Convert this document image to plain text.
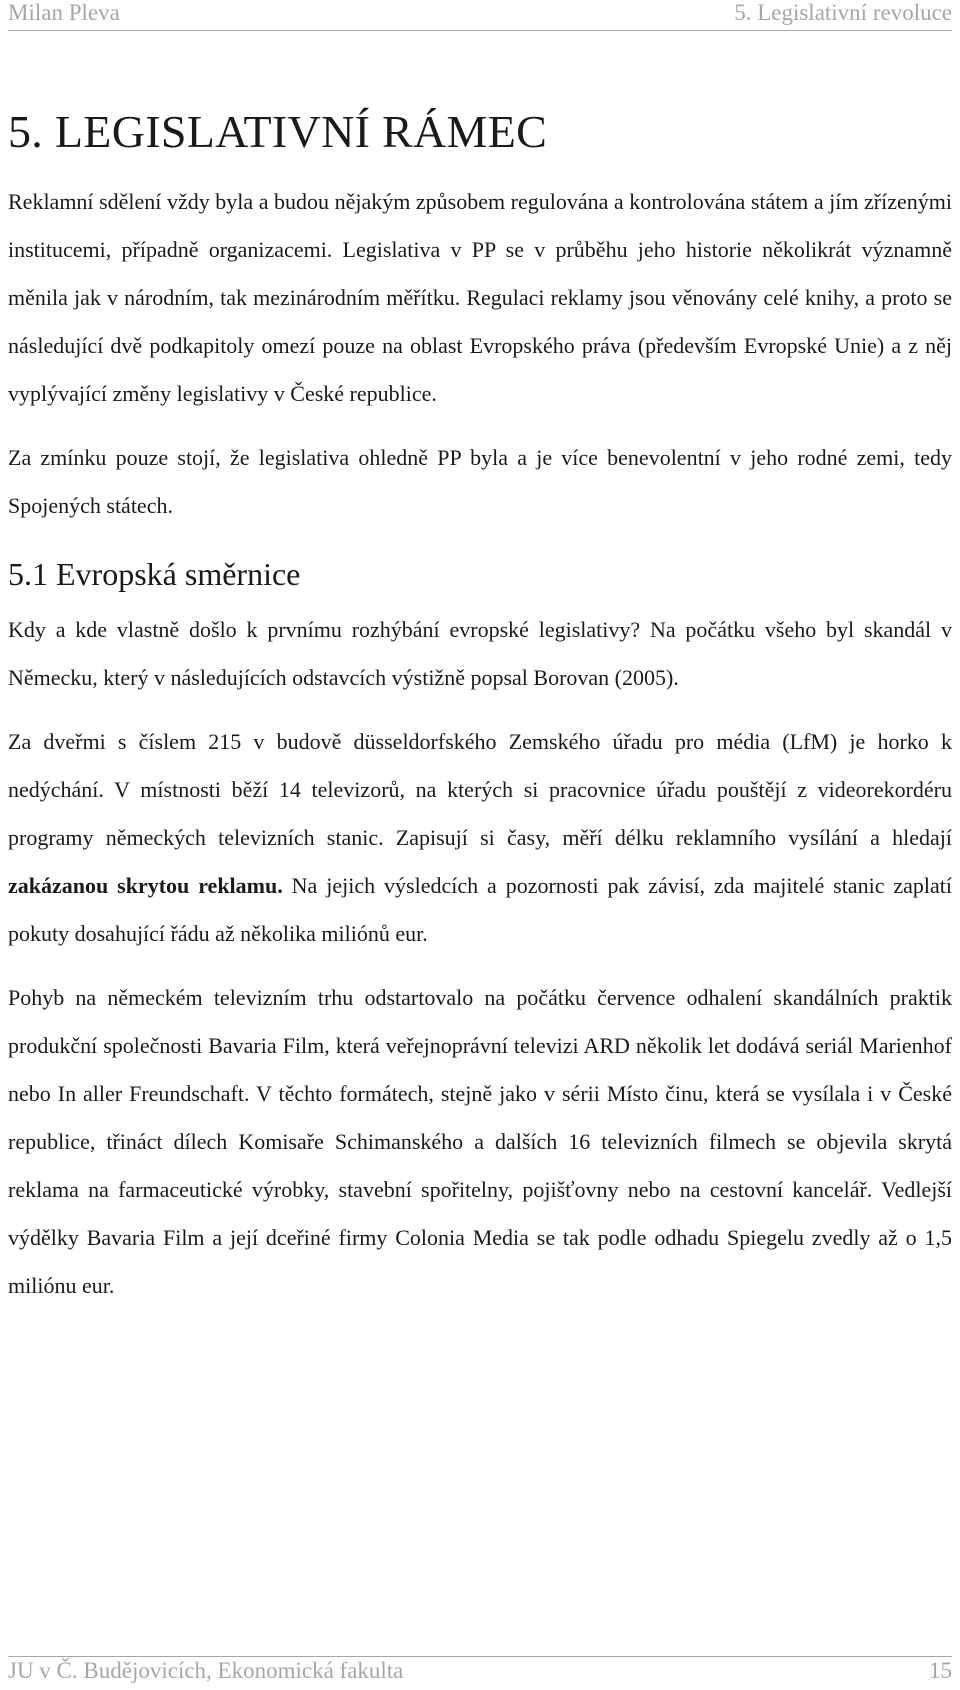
Milan Pleva	5. Legislativní revoluce
5. LEGISLATIVNÍ RÁMEC

Reklamní sdělení vždy byla a budou nějakým způsobem regulována a kontrolována státem a jím zřízenými institucemi, případně organizacemi. Legislativa v PP se v průběhu jeho historie několikrát významně měnila jak v národním, tak mezinárodním měřítku. Regulaci reklamy jsou věnovány celé knihy, a proto se následující dvě podkapitoly omezí pouze na oblast Evropského práva (především Evropské Unie) a z něj vyplývající změny legislativy v České republice.

Za zmínku pouze stojí, že legislativa ohledně PP byla a je více benevolentní v jeho rodné zemi, tedy Spojených státech.

5.1 Evropská směrnice

Kdy a kde vlastně došlo k prvnímu rozhýbání evropské legislativy? Na počátku všeho byl skandál v Německu, který v následujících odstavcích výstižně popsal Borovan (2005).

Za dveřmi s číslem 215 v budově düsseldorfského Zemského úřadu pro média (LfM) je horko k nedýchání. V místnosti běží 14 televizorů, na kterých si pracovnice úřadu pouštějí z videorekordéru programy německých televizních stanic. Zapisují si časy, měří délku reklamního vysílání a hledají zakázanou skrytou reklamu. Na jejich výsledcích a pozornosti pak závisí, zda majitelé stanic zaplatí pokuty dosahující řádu až několika miliónů eur.

Pohyb na německém televizním trhu odstartovalo na počátku července odhalení skandálních praktik produkční společnosti Bavaria Film, která veřejnoprávní televizi ARD několik let dodává seriál Marienhof nebo In aller Freundschaft. V těchto formátech, stejně jako v sérii Místo činu, která se vysílala i v České republice, třináct dílech Komisaře Schimanského a dalších 16 televizních filmech se objevila skrytá reklama na farmaceutické výrobky, stavební spořitelny, pojišťovny nebo na cestovní kancelář. Vedlejší výdělky Bavaria Film a její dceřiné firmy Colonia Media se tak podle odhadu Spiegelu zvedly až o 1,5 miliónu eur.

JU v Č. Budějovicích, Ekonomická fakulta	15
